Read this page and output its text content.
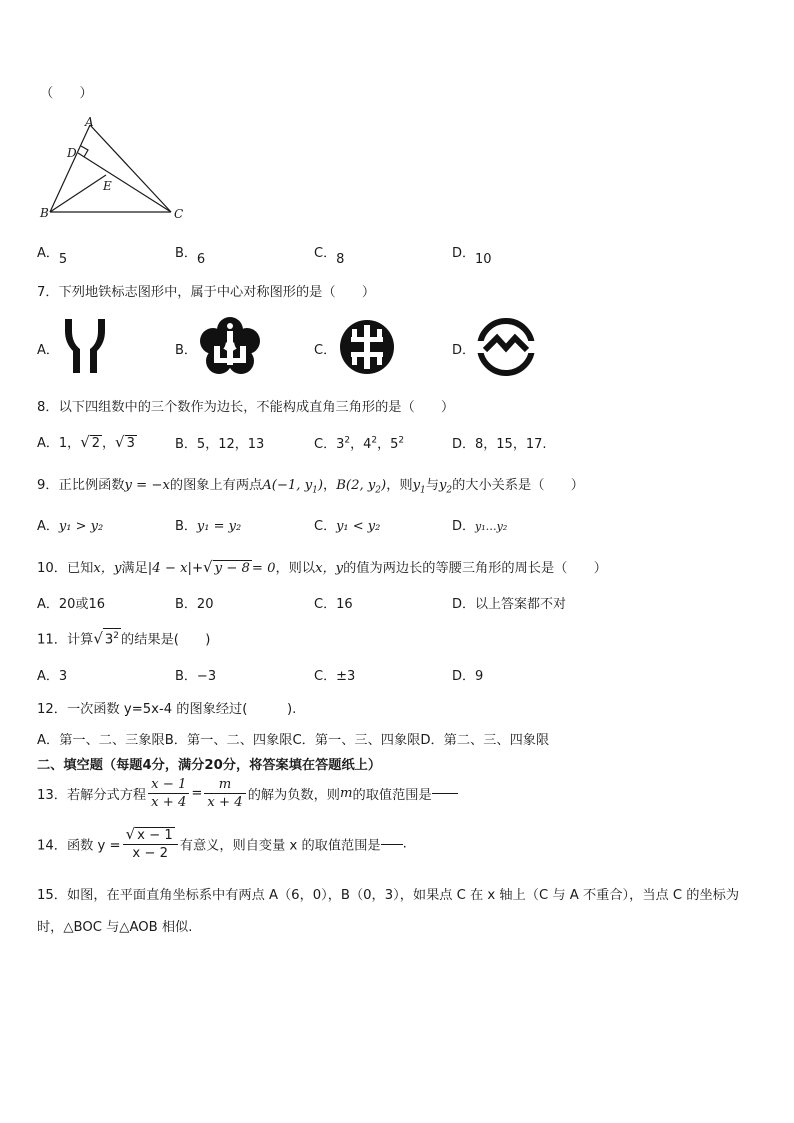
（　　）
A
D
E
B	C
A．5	B．6	C．8	D．10
7．下列地铁标志图形中，属于中心对称图形的是（　　）
A．	B．	C．	D．
8．以下四组数中的三个数作为边长，不能构成直角三角形的是（　　）
A．1，√ 2 ，√ 3	B．5，12，13	C．$3^2$，$4^2$，$5^2$	D．8，15，17.
9．正比例函数y = −x的图象上有两点A(−1, $y_1$)，B(2, $y_2$)，则$y_1$与$y_2$的大小关系是（　　）
A．y₁ > y₂	B．y₁ = y₂	C．y₁ < y₂	D．y₁…y₂
10．已知x，y满足|4 − x|+√ y − 8 = 0，则以x，y的值为两边长的等腰三角形的周长是（　　）
A．20或16	B．20	C．16	D．以上答案都不对
11．计算√ $3^2$ 的结果是(　　)
A．3	B．−3	C．±3	D．9
12．一次函数 y=5x-4 的图象经过(　　　).
A．第一、二、三象限B．第一、二、四象限C．第一、三、四象限D．第二、三、四象限
二、填空题（每题4分，满分20分，将答案填在答题纸上）
13．若解分式方程 $\frac{x - 1}{x + 4} = \frac{m}{x + 4}$ 的解为负数，则m的取值范围是
14．函数 $y = \frac{√ x - 1}{x - 2}$ 有意义，则自变量 x 的取值范围是 .
15．如图，在平面直角坐标系中有两点 A（6，0），B（0，3），如果点 C 在 x 轴上（C 与 A 不重合），当点 C 的坐标为
时，△BOC 与△AOB 相似.
